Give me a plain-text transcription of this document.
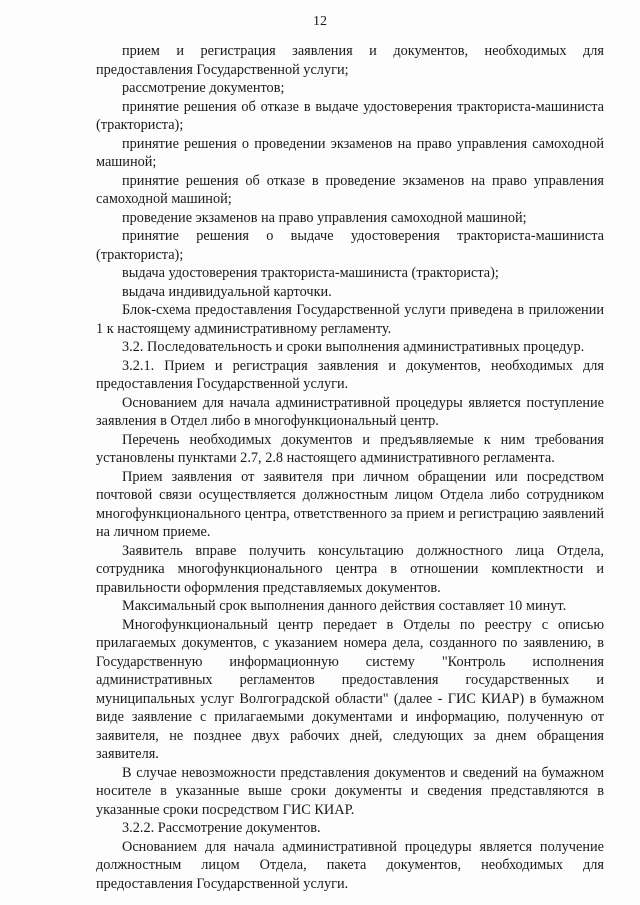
12

прием и регистрация заявления и документов, необходимых для предоставления Государственной услуги;

рассмотрение документов;

принятие решения об отказе в выдаче удостоверения тракториста-машиниста (тракториста);

принятие решения о проведении экзаменов на право управления самоходной машиной;

принятие решения об отказе в проведение экзаменов на право управления самоходной машиной;

проведение экзаменов на право управления самоходной машиной;

принятие решения о выдаче удостоверения тракториста-машиниста (тракториста);

выдача удостоверения тракториста-машиниста (тракториста);

выдача индивидуальной карточки.

Блок-схема предоставления Государственной услуги приведена в приложении 1 к настоящему административному регламенту.

3.2. Последовательность и сроки выполнения административных процедур.

3.2.1. Прием и регистрация заявления и документов, необходимых для предоставления Государственной услуги.

Основанием для начала административной процедуры является поступление заявления в Отдел либо в многофункциональный центр.

Перечень необходимых документов и предъявляемые к ним требования установлены пунктами 2.7, 2.8 настоящего административного регламента.

Прием заявления от заявителя при личном обращении или посредством почтовой связи осуществляется должностным лицом Отдела либо сотрудником многофункционального центра, ответственного за прием и регистрацию заявлений на личном приеме.

Заявитель вправе получить консультацию должностного лица Отдела, сотрудника многофункционального центра в отношении комплектности и правильности оформления представляемых документов.

Максимальный срок выполнения данного действия составляет 10 минут.

Многофункциональный центр передает в Отделы по реестру с описью прилагаемых документов, с указанием номера дела, созданного по заявлению, в Государственную информационную систему "Контроль исполнения административных регламентов предоставления государственных и муниципальных услуг Волгоградской области" (далее - ГИС КИАР) в бумажном виде заявление с прилагаемыми документами и информацию, полученную от заявителя, не позднее двух рабочих дней, следующих за днем обращения заявителя.

В случае невозможности представления документов и сведений на бумажном носителе в указанные выше сроки документы и сведения представляются в указанные сроки посредством ГИС КИАР.

3.2.2. Рассмотрение документов.

Основанием для начала административной процедуры является получение должностным лицом Отдела, пакета документов, необходимых для предоставления Государственной услуги.
